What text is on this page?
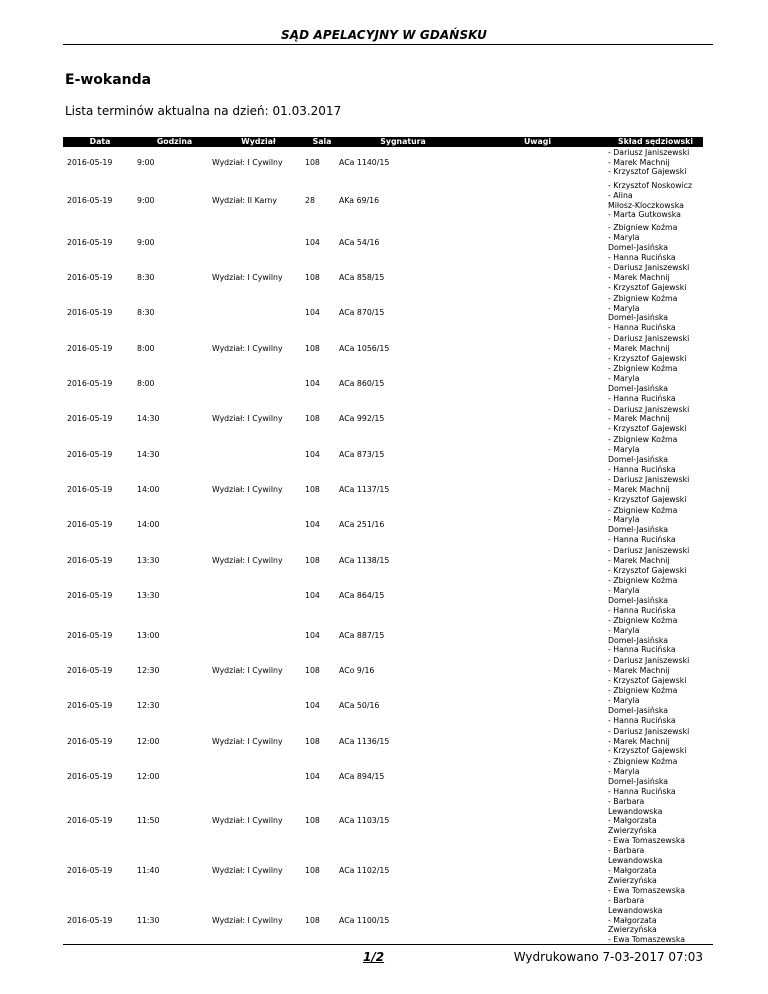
SĄD APELACYJNY W GDAŃSKU
E-wokanda
Lista terminów aktualna na dzień: 01.03.2017
Data	Godzina	Wydział	Sala	Sygnatura	Uwagi	Skład sędziowski
2016-05-19	9:00	Wydział: I Cywilny	108	ACa 1140/15		- Dariusz Janiszewski
- Marek Machnij
- Krzysztof Gajewski

2016-05-19	9:00	Wydział: II Karny	28	AKa 69/16		- Krzysztof Noskowicz
- Alina
Miłosz-Kloczkowska
- Marta Gutkowska

2016-05-19	9:00		104	ACa 54/16		- Zbigniew Koźma
- Maryla
Domel-Jasińska
- Hanna Rucińska

2016-05-19	8:30	Wydział: I Cywilny	108	ACa 858/15		- Dariusz Janiszewski
- Marek Machnij
- Krzysztof Gajewski

2016-05-19	8:30		104	ACa 870/15		- Zbigniew Koźma
- Maryla
Domel-Jasińska
- Hanna Rucińska

2016-05-19	8:00	Wydział: I Cywilny	108	ACa 1056/15		- Dariusz Janiszewski
- Marek Machnij
- Krzysztof Gajewski

2016-05-19	8:00		104	ACa 860/15		- Zbigniew Koźma
- Maryla
Domel-Jasińska
- Hanna Rucińska

2016-05-19	14:30	Wydział: I Cywilny	108	ACa 992/15		- Dariusz Janiszewski
- Marek Machnij
- Krzysztof Gajewski

2016-05-19	14:30		104	ACa 873/15		- Zbigniew Koźma
- Maryla
Domel-Jasińska
- Hanna Rucińska

2016-05-19	14:00	Wydział: I Cywilny	108	ACa 1137/15		- Dariusz Janiszewski
- Marek Machnij
- Krzysztof Gajewski

2016-05-19	14:00		104	ACa 251/16		- Zbigniew Koźma
- Maryla
Domel-Jasińska
- Hanna Rucińska

2016-05-19	13:30	Wydział: I Cywilny	108	ACa 1138/15		- Dariusz Janiszewski
- Marek Machnij
- Krzysztof Gajewski

2016-05-19	13:30		104	ACa 864/15		- Zbigniew Koźma
- Maryla
Domel-Jasińska
- Hanna Rucińska

2016-05-19	13:00		104	ACa 887/15		- Zbigniew Koźma
- Maryla
Domel-Jasińska
- Hanna Rucińska

2016-05-19	12:30	Wydział: I Cywilny	108	ACo 9/16		- Dariusz Janiszewski
- Marek Machnij
- Krzysztof Gajewski

2016-05-19	12:30		104	ACa 50/16		- Zbigniew Koźma
- Maryla
Domel-Jasińska
- Hanna Rucińska

2016-05-19	12:00	Wydział: I Cywilny	108	ACa 1136/15		- Dariusz Janiszewski
- Marek Machnij
- Krzysztof Gajewski

2016-05-19	12:00		104	ACa 894/15		- Zbigniew Koźma
- Maryla
Domel-Jasińska
- Hanna Rucińska

2016-05-19	11:50	Wydział: I Cywilny	108	ACa 1103/15		- Barbara
Lewandowska
- Małgorzata
Zwierzyńska
- Ewa Tomaszewska

2016-05-19	11:40	Wydział: I Cywilny	108	ACa 1102/15		- Barbara
Lewandowska
- Małgorzata
Zwierzyńska
- Ewa Tomaszewska

2016-05-19	11:30	Wydział: I Cywilny	108	ACa 1100/15		- Barbara
Lewandowska
- Małgorzata
Zwierzyńska
- Ewa Tomaszewska
1/2	Wydrukowano 7-03-2017 07:03
